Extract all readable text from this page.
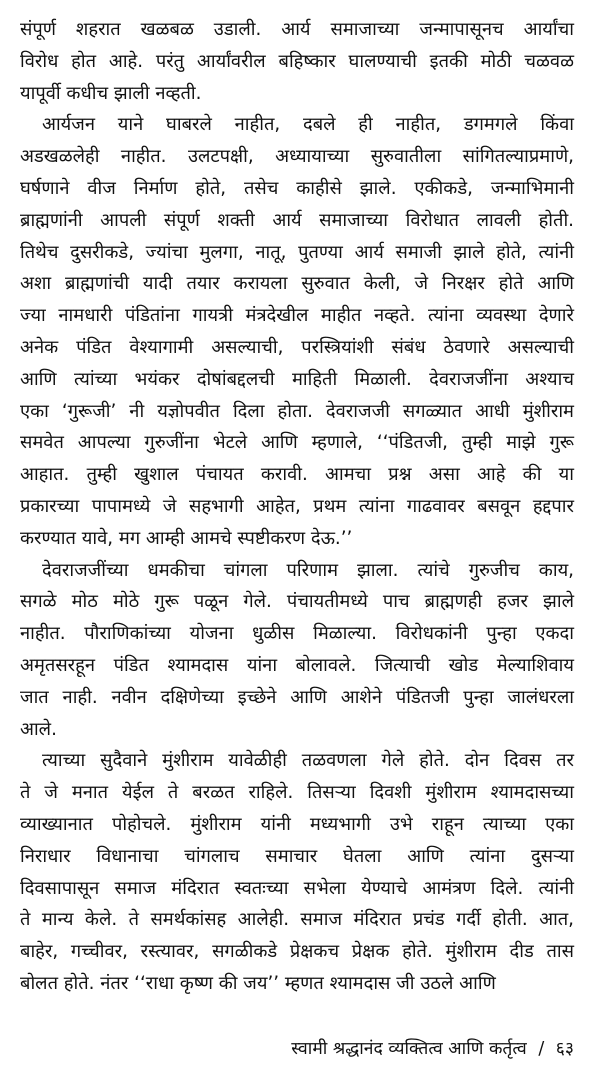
संपूर्ण शहरात खळबळ उडाली. आर्य समाजाच्या जन्मापासूनच आर्यांचा
विरोध होत आहे. परंतु आर्यांवरील बहिष्कार घालण्याची इतकी मोठी चळवळ
यापूर्वी कधीच झाली नव्हती.
आर्यजन याने घाबरले नाहीत, दबले ही नाहीत, डगमगले किंवा
अडखळलेही नाहीत. उलटपक्षी, अध्यायाच्या सुरुवातीला सांगितल्याप्रमाणे,
घर्षणाने वीज निर्माण होते, तसेच काहीसे झाले. एकीकडे, जन्माभिमानी
ब्राह्मणांनी आपली संपूर्ण शक्ती आर्य समाजाच्या विरोधात लावली होती.
तिथेच दुसरीकडे, ज्यांचा मुलगा, नातू, पुतण्या आर्य समाजी झाले होते, त्यांनी
अशा ब्राह्मणांची यादी तयार करायला सुरुवात केली, जे निरक्षर होते आणि
ज्या नामधारी पंडितांना गायत्री मंत्रदेखील माहीत नव्हते. त्यांना व्यवस्था देणारे
अनेक पंडित वेश्यागामी असल्याची, परस्त्रियांशी संबंध ठेवणारे असल्याची
आणि त्यांच्या भयंकर दोषांबद्दलची माहिती मिळाली. देवराजजींना अश्याच
एका ‘गुरूजी’ नी यज्ञोपवीत दिला होता. देवराजजी सगळ्यात आधी मुंशीराम
समवेत आपल्या गुरुजींना भेटले आणि म्हणाले, ‘‘पंडितजी, तुम्ही माझे गुरू
आहात. तुम्ही खुशाल पंचायत करावी. आमचा प्रश्न असा आहे की या
प्रकारच्या पापामध्ये जे सहभागी आहेत, प्रथम त्यांना गाढवावर बसवून हद्दपार
करण्यात यावे, मग आम्ही आमचे स्पष्टीकरण देऊ.’’
देवराजजींच्या धमकीचा चांगला परिणाम झाला. त्यांचे गुरुजीच काय,
सगळे मोठ मोठे गुरू पळून गेले. पंचायतीमध्ये पाच ब्राह्मणही हजर झाले
नाहीत. पौराणिकांच्या योजना धुळीस मिळाल्या. विरोधकांनी पुन्हा एकदा
अमृतसरहून पंडित श्यामदास यांना बोलावले. जित्याची खोड मेल्याशिवाय
जात नाही. नवीन दक्षिणेच्या इच्छेने आणि आशेने पंडितजी पुन्हा जालंधरला
आले.
त्याच्या सुदैवाने मुंशीराम यावेळीही तळवणला गेले होते. दोन दिवस तर
ते जे मनात येईल ते बरळत राहिले. तिसऱ्या दिवशी मुंशीराम श्यामदासच्या
व्याख्यानात पोहोचले. मुंशीराम यांनी मध्यभागी उभे राहून त्याच्या एका
निराधार विधानाचा चांगलाच समाचार घेतला आणि त्यांना दुसऱ्या
दिवसापासून समाज मंदिरात स्वतःच्या सभेला येण्याचे आमंत्रण दिले. त्यांनी
ते मान्य केले. ते समर्थकांसह आलेही. समाज मंदिरात प्रचंड गर्दी होती. आत,
बाहेर, गच्चीवर, रस्त्यावर, सगळीकडे प्रेक्षकच प्रेक्षक होते. मुंशीराम दीड तास
बोलत होते. नंतर ‘‘राधा कृष्ण की जय’’ म्हणत श्यामदास जी उठले आणि
स्वामी श्रद्धानंद व्यक्तित्व आणि कर्तृत्व / ६३
